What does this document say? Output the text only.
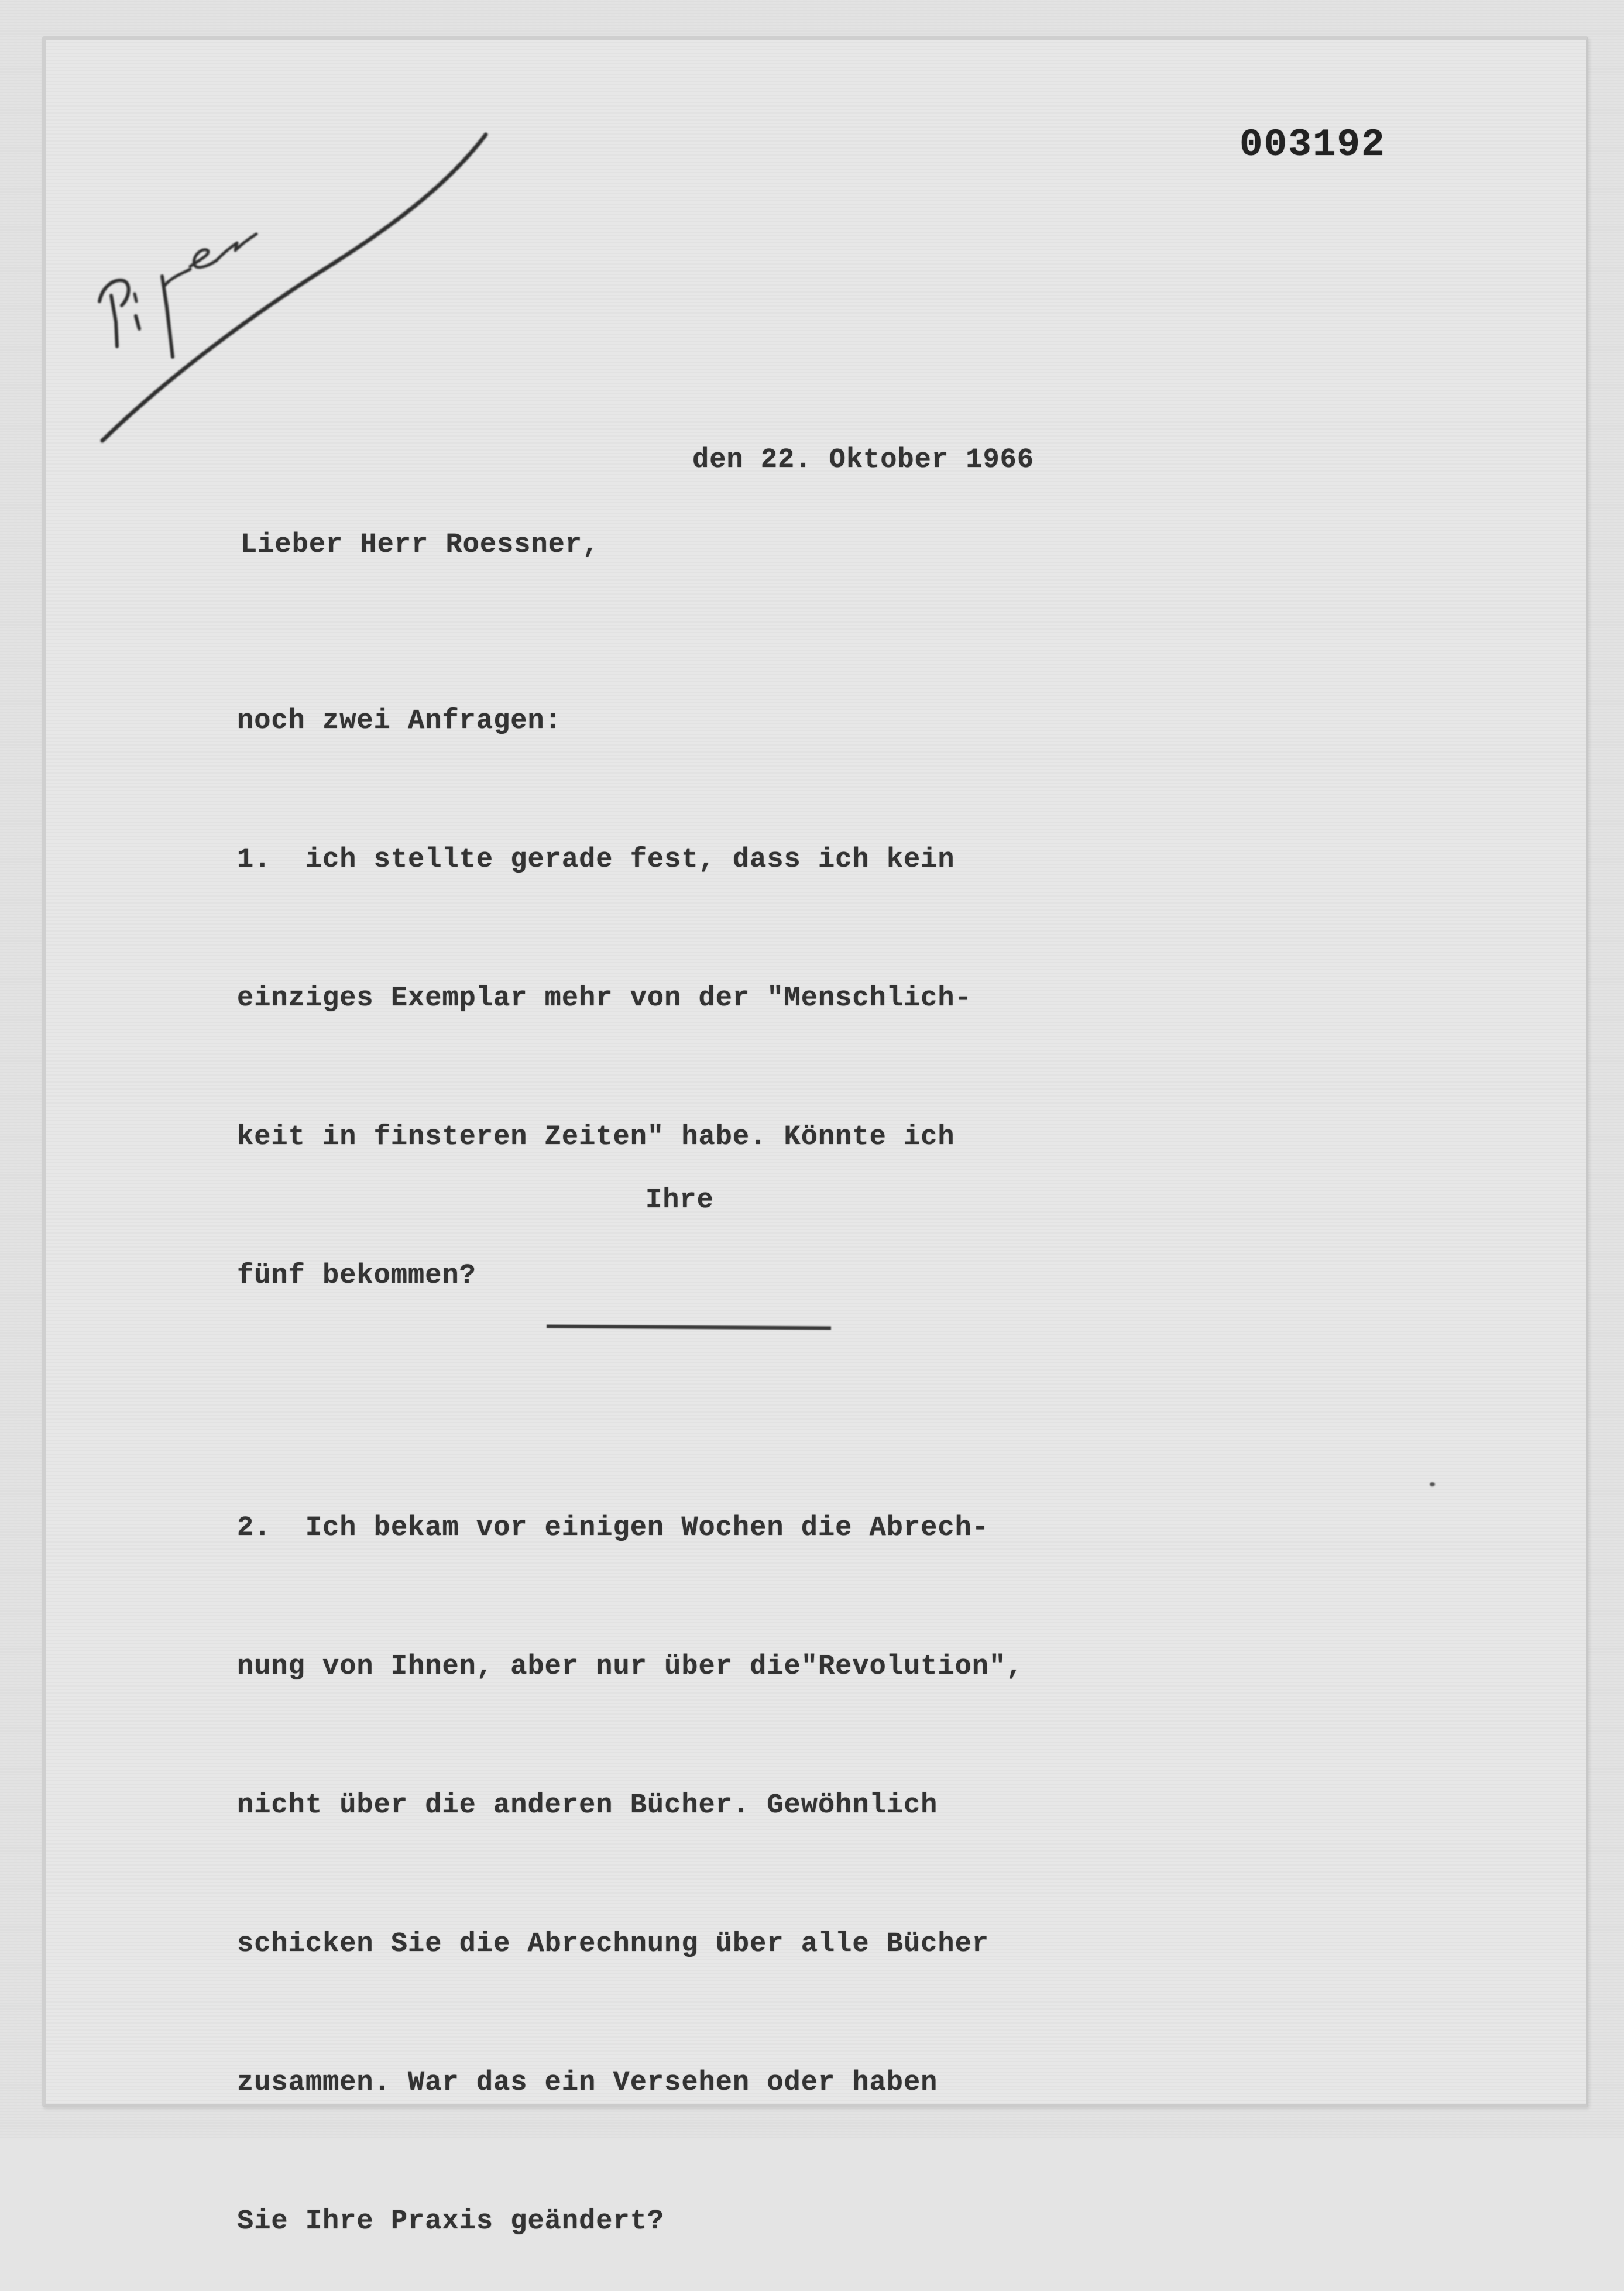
003192
den 22. Oktober 1966
Lieber Herr Roessner,

noch zwei Anfragen:

1.  ich stellte gerade fest, dass ich kein

einziges Exemplar mehr von der "Menschlich-

keit in finsteren Zeiten" habe. Könnte ich

fünf bekommen?

2.  Ich bekam vor einigen Wochen die Abrech-

nung von Ihnen, aber nur über die"Revolution",

nicht über die anderen Bücher. Gewöhnlich

schicken Sie die Abrechnung über alle Bücher

zusammen. War das ein Versehen oder haben

Sie Ihre Praxis geändert?

Ihre
